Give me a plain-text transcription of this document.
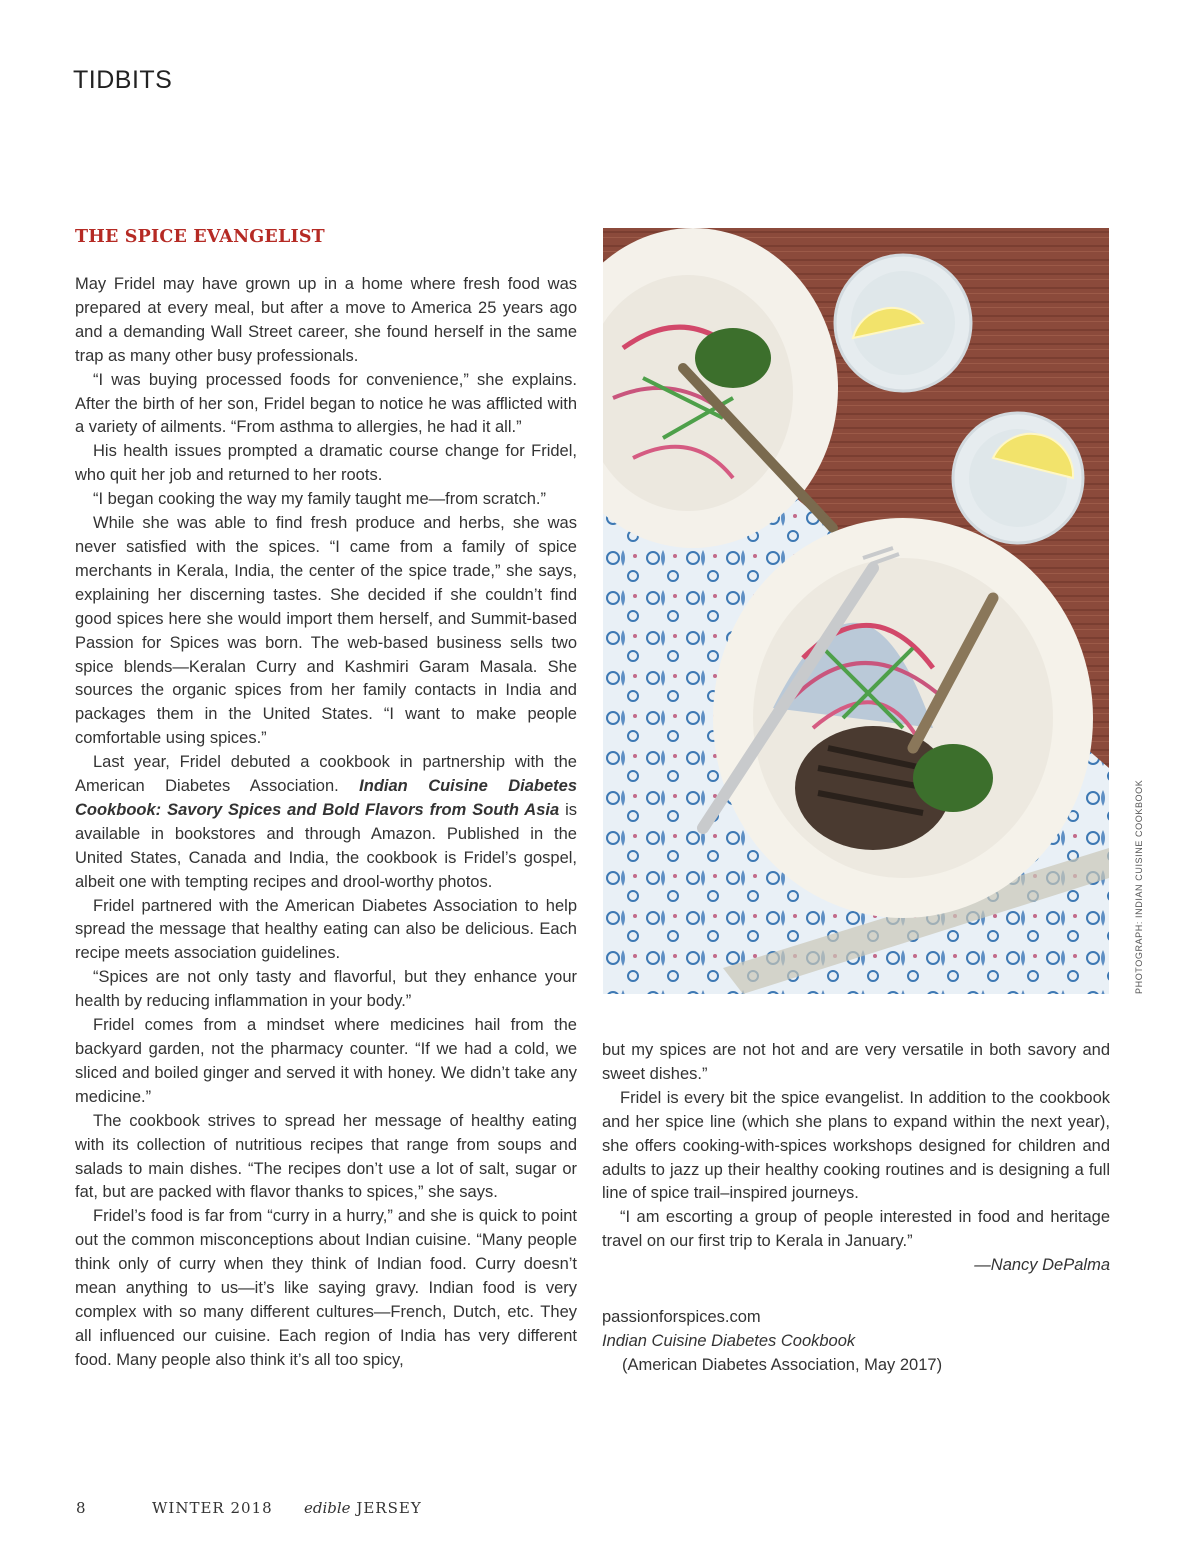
TIDBITS
THE SPICE EVANGELIST

May Fridel may have grown up in a home where fresh food was prepared at every meal, but after a move to America 25 years ago and a demanding Wall Street career, she found herself in the same trap as many other busy professionals.

“I was buying processed foods for convenience,” she explains. After the birth of her son, Fridel began to notice he was afflicted with a variety of ailments. “From asthma to allergies, he had it all.”

His health issues prompted a dramatic course change for Fridel, who quit her job and returned to her roots.

“I began cooking the way my family taught me—from scratch.”

While she was able to find fresh produce and herbs, she was never satisfied with the spices. “I came from a family of spice merchants in Kerala, India, the center of the spice trade,” she says, explaining her discerning tastes. She decided if she couldn’t find good spices here she would import them herself, and Summit-based Passion for Spices was born. The web-based business sells two spice blends—Keralan Curry and Kashmiri Garam Masala. She sources the organic spices from her family contacts in India and packages them in the United States. “I want to make people comfortable using spices.”

Last year, Fridel debuted a cookbook in partnership with the American Diabetes Association. Indian Cuisine Diabetes Cookbook: Savory Spices and Bold Flavors from South Asia is available in bookstores and through Amazon. Published in the United States, Canada and India, the cookbook is Fridel’s gospel, albeit one with tempting recipes and drool-worthy photos.

Fridel partnered with the American Diabetes Association to help spread the message that healthy eating can also be delicious. Each recipe meets association guidelines.

“Spices are not only tasty and flavorful, but they enhance your health by reducing inflammation in your body.”

Fridel comes from a mindset where medicines hail from the backyard garden, not the pharmacy counter. “If we had a cold, we sliced and boiled ginger and served it with honey. We didn’t take any medicine.”

The cookbook strives to spread her message of healthy eating with its collection of nutritious recipes that range from soups and salads to main dishes. “The recipes don’t use a lot of salt, sugar or fat, but are packed with flavor thanks to spices,” she says.

Fridel’s food is far from “curry in a hurry,” and she is quick to point out the common misconceptions about Indian cuisine. “Many people think only of curry when they think of Indian food. Curry doesn’t mean anything to us—it’s like saying gravy. Indian food is very complex with so many different cultures—French, Dutch, etc. They all influenced our cuisine. Each region of India has very different food. Many people also think it’s all too spicy,

PHOTOGRAPH: INDIAN CUISINE COOKBOOK

but my spices are not hot and are very versatile in both savory and sweet dishes.”

Fridel is every bit the spice evangelist. In addition to the cookbook and her spice line (which she plans to expand within the next year), she offers cooking-with-spices workshops designed for children and adults to jazz up their healthy cooking routines and is designing a full line of spice trail–inspired journeys.

“I am escorting a group of people interested in food and heritage travel on our first trip to Kerala in January.”

—Nancy DePalma

passionforspices.com
Indian Cuisine Diabetes Cookbook
(American Diabetes Association, May 2017)
8	WINTER 2018 edible JERSEY
